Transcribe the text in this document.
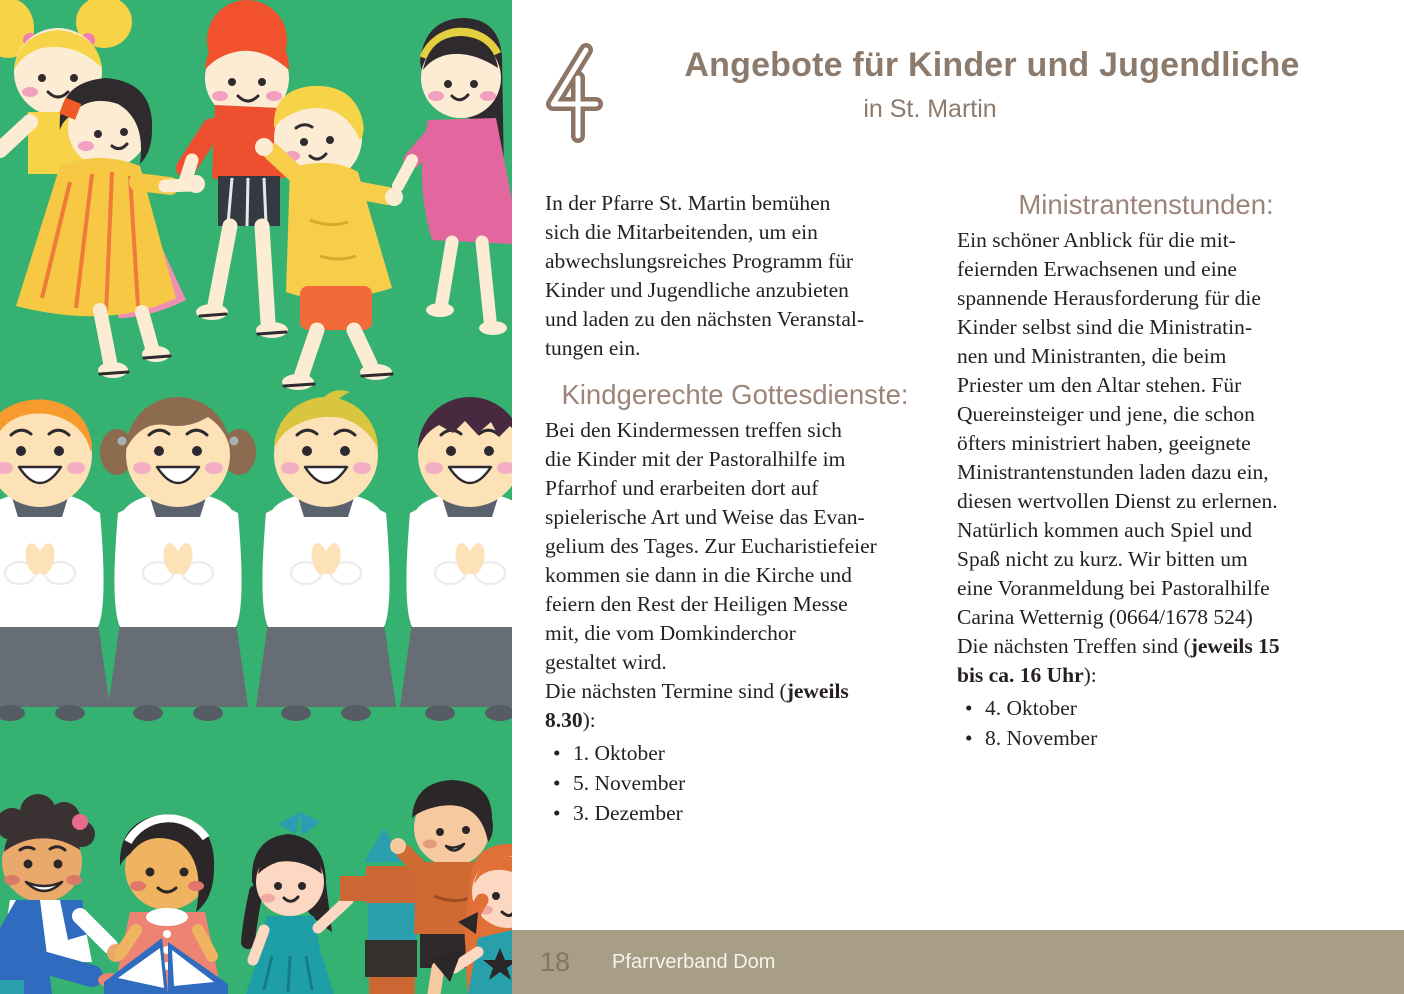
Angebote für Kinder und Jugendliche
in St. Martin
In der Pfarre St. Martin bemühen
sich die Mitarbeitenden, um ein
abwechslungsreiches Programm für
Kinder und Jugendliche anzubieten
und laden zu den nächsten Veranstal-
tungen ein.
Kindgerechte Gottesdienste:
Bei den Kindermessen treffen sich
die Kinder mit der Pastoralhilfe im
Pfarrhof und erarbeiten dort auf
spielerische Art und Weise das Evan-
gelium des Tages. Zur Eucharistiefeier
kommen sie dann in die Kirche und
feiern den Rest der Heiligen Messe
mit, die vom Domkinderchor
gestaltet wird.
Die nächsten Termine sind (jeweils
8.30):
• 1. Oktober
• 5. November
• 3. Dezember
Ministrantenstunden:
Ein schöner Anblick für die mit-
feiernden Erwachsenen und eine
spannende Herausforderung für die
Kinder selbst sind die Ministratin-
nen und Ministranten, die beim
Priester um den Altar stehen. Für
Quereinsteiger und jene, die schon
öfters ministriert haben, geeignete
Ministrantenstunden laden dazu ein,
diesen wertvollen Dienst zu erlernen.
Natürlich kommen auch Spiel und
Spaß nicht zu kurz. Wir bitten um
eine Voranmeldung bei Pastoralhilfe
Carina Wetternig (0664/1678 524)
Die nächsten Treffen sind (jeweils 15
bis ca. 16 Uhr):
• 4. Oktober
• 8. November
18 Pfarrverband Dom
